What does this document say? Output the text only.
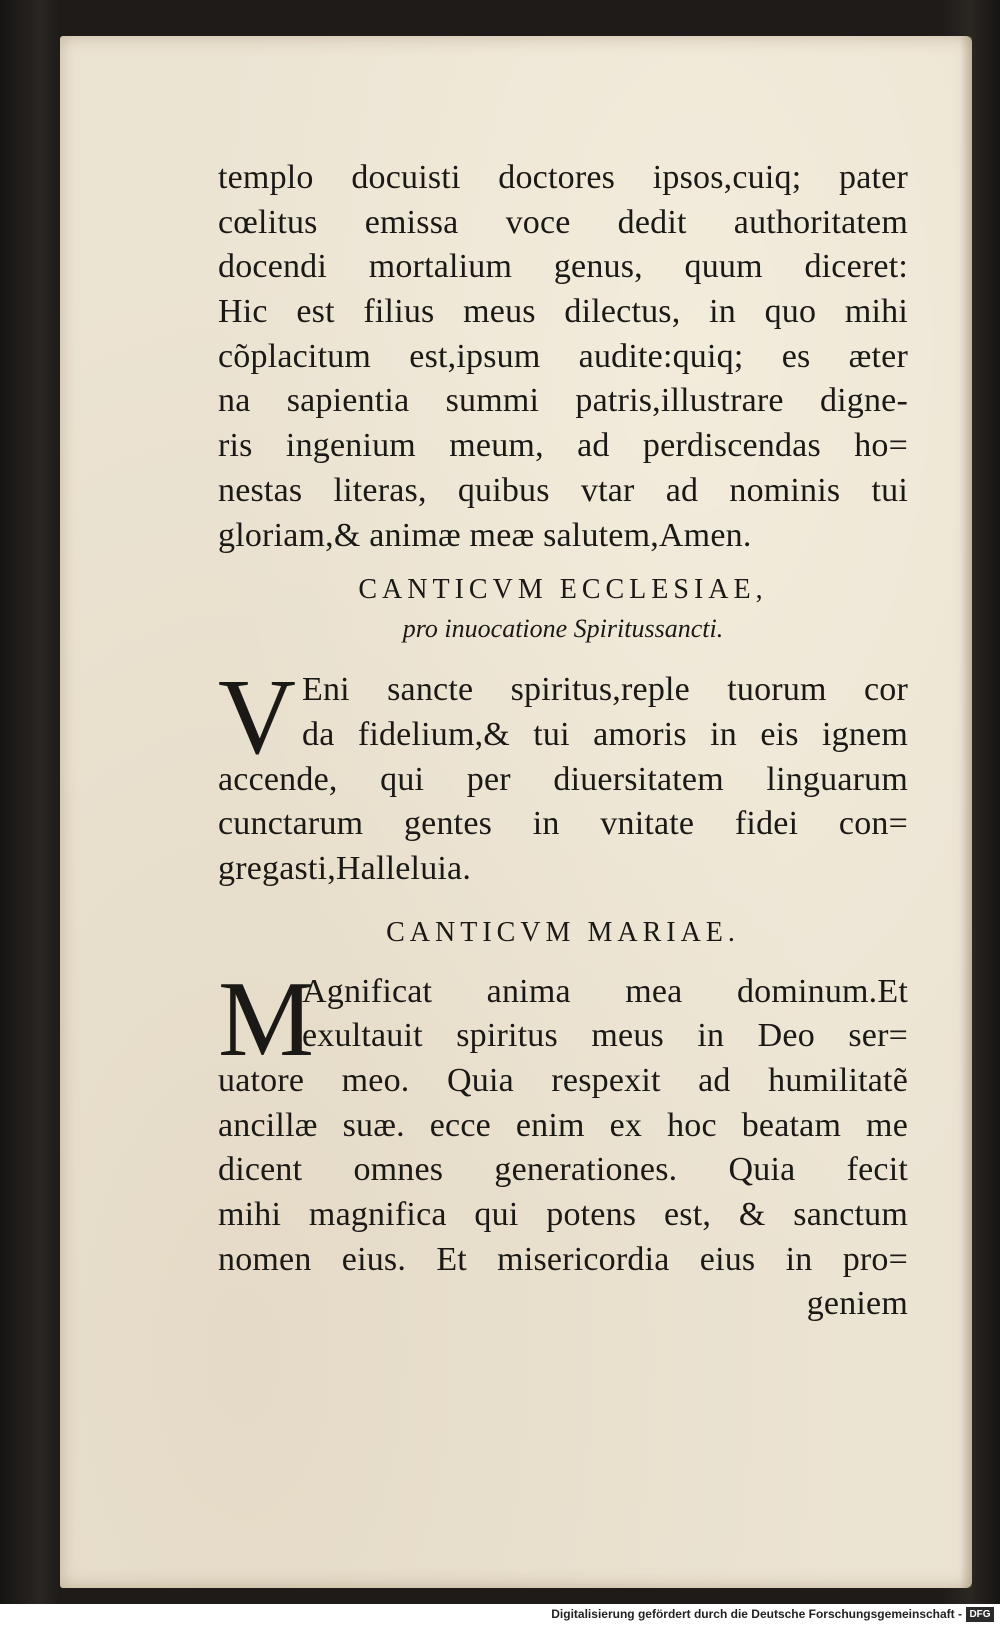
templo docuisti doctores ipsos,cuiq; pater
cœlitus emissa voce dedit authoritatem
docendi mortalium genus, quum diceret:
Hic est filius meus dilectus, in quo mihi
cõplacitum est,ipsum audite:quiq; es æter
na sapientia summi patris,illustrare digne-
ris ingenium meum, ad perdiscendas ho=
nestas literas, quibus vtar ad nominis tui
gloriam,& animæ meæ salutem,Amen.
CANTICVM ECCLESIAE,
pro inuocatione Spiritussancti.
V Eni sancte spiritus,reple tuorum cor
da fidelium,& tui amoris in eis ignem
accende, qui per diuersitatem linguarum
cunctarum gentes in vnitate fidei con=
gregasti,Halleluia.
CANTICVM MARIAE.
M
Agnificat anima mea dominum.Et
exultauit spiritus meus in Deo ser=
uatore meo. Quia respexit ad humilitatẽ
ancillæ suæ. ecce enim ex hoc beatam me
dicent omnes generationes. Quia fecit
mihi magnifica qui potens est, & sanctum
nomen eius. Et misericordia eius in pro=
geniem
Digitalisierung gefördert durch die Deutsche Forschungsgemeinschaft - DFG
